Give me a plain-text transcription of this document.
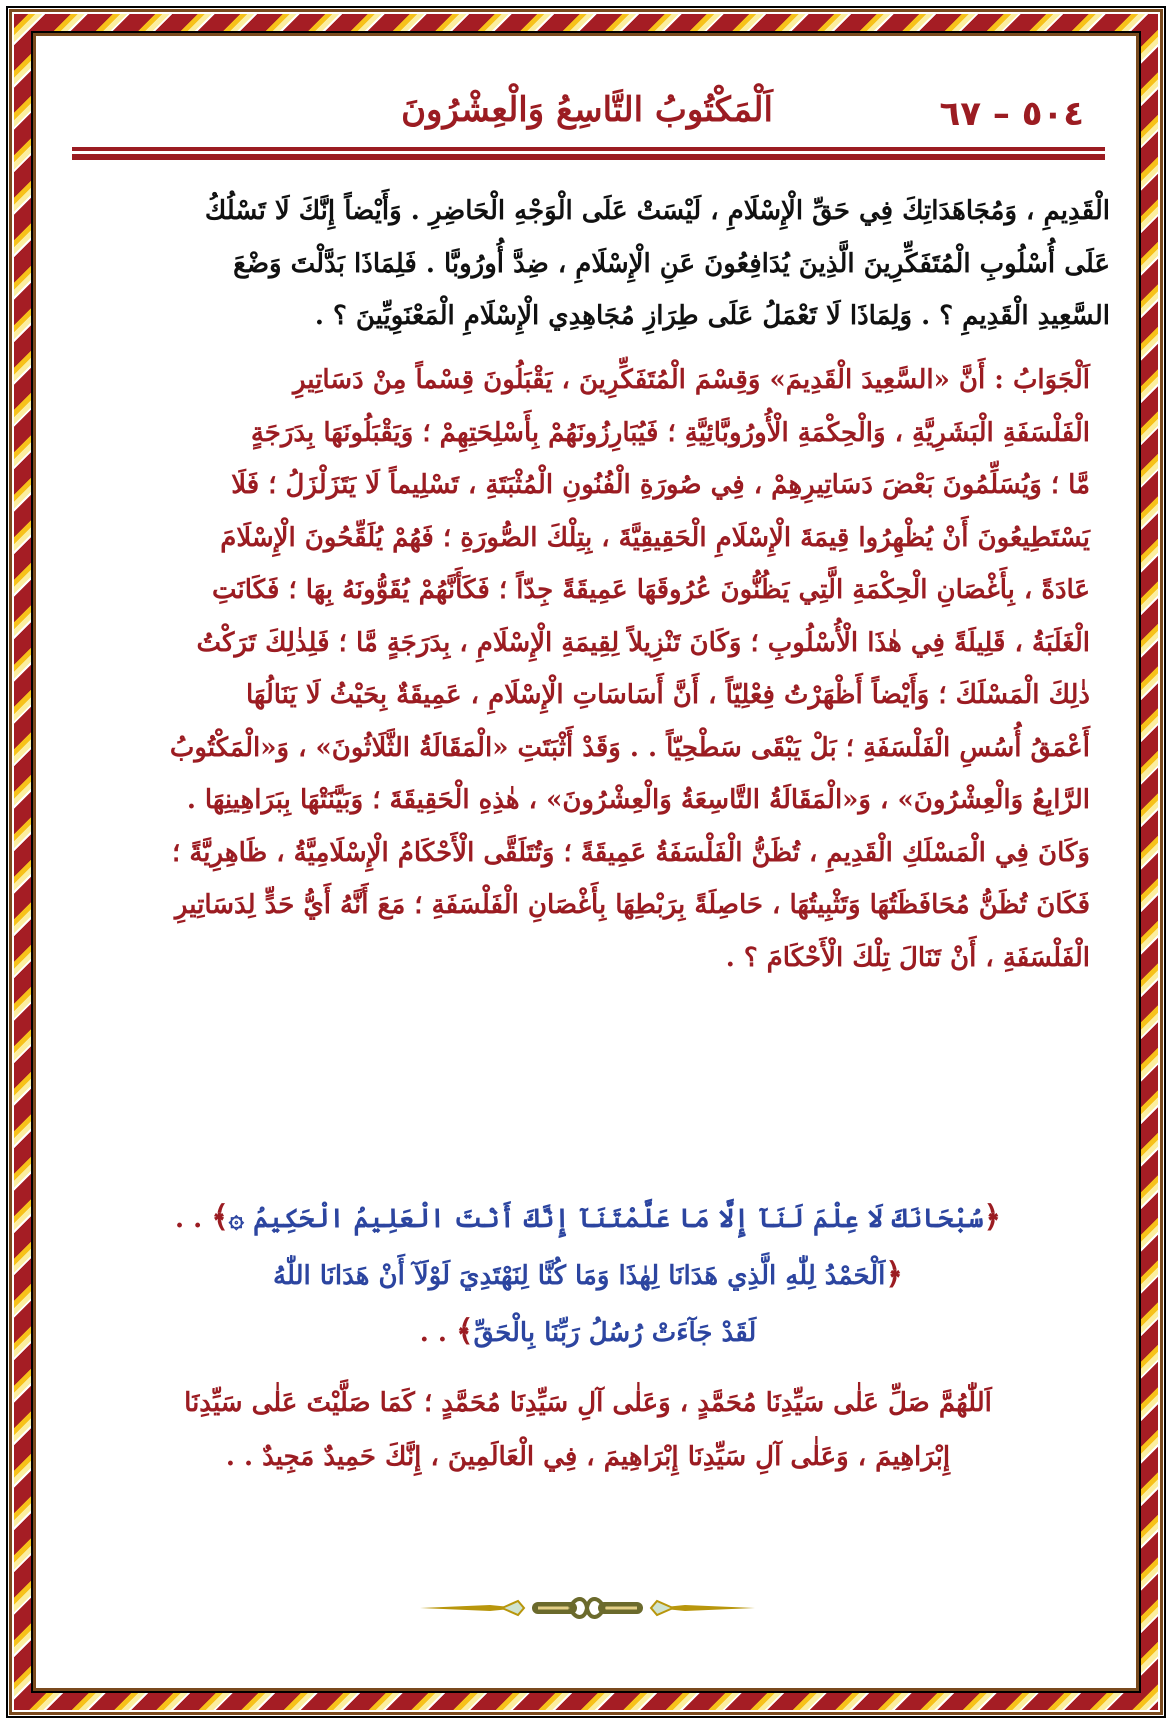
٥٠٤ – ٦٧
اَلْمَكْتُوبُ التَّاسِعُ وَالْعِشْرُونَ
الْقَدِيمِ ، وَمُجَاهَدَاتِكَ فِي حَقِّ الْإِسْلَامِ ، لَيْسَتْ عَلَى الْوَجْهِ الْحَاضِرِ . وَأَيْضاً إِنَّكَ لَا تَسْلُكُ
عَلَى أُسْلُوبِ الْمُتَفَكِّرِينَ الَّذِينَ يُدَافِعُونَ عَنِ الْإِسْلَامِ ، ضِدَّ أُورُوبَّا . فَلِمَاذَا بَدَّلْتَ وَضْعَ
السَّعِيدِ الْقَدِيمِ ؟ . وَلِمَاذَا لَا تَعْمَلُ عَلَى طِرَازِ مُجَاهِدِي الْإِسْلَامِ الْمَعْنَوِيِّينَ ؟ .
اَلْجَوَابُ : أَنَّ «السَّعِيدَ الْقَدِيمَ» وَقِسْمَ الْمُتَفَكِّرِينَ ، يَقْبَلُونَ قِسْماً مِنْ دَسَاتِيرِ
الْفَلْسَفَةِ الْبَشَرِيَّةِ ، وَالْحِكْمَةِ الْأُورُوبَّائِيَّةِ ؛ فَيُبَارِزُونَهُمْ بِأَسْلِحَتِهِمْ ؛ وَيَقْبَلُونَهَا بِدَرَجَةٍ
مَّا ؛ وَيُسَلِّمُونَ بَعْضَ دَسَاتِيرِهِمْ ، فِي صُورَةِ الْفُنُونِ الْمُثْبَتَةِ ، تَسْلِيماً لَا يَتَزَلْزَلُ ؛ فَلَا
يَسْتَطِيعُونَ أَنْ يُظْهِرُوا قِيمَةَ الْإِسْلَامِ الْحَقِيقِيَّةَ ، بِتِلْكَ الصُّورَةِ ؛ فَهُمْ يُلَقِّحُونَ الْإِسْلَامَ
عَادَةً ، بِأَغْصَانِ الْحِكْمَةِ الَّتِي يَظُنُّونَ عُرُوقَهَا عَمِيقَةً جِدّاً ؛ فَكَأَنَّهُمْ يُقَوُّونَهُ بِهَا ؛ فَكَانَتِ
الْغَلَبَةُ ، قَلِيلَةً فِي هٰذَا الْأُسْلُوبِ ؛ وَكَانَ تَنْزِيلاً لِقِيمَةِ الْإِسْلَامِ ، بِدَرَجَةٍ مَّا ؛ فَلِذٰلِكَ تَرَكْتُ
ذٰلِكَ الْمَسْلَكَ ؛ وَأَيْضاً أَظْهَرْتُ فِعْلِيّاً ، أَنَّ أَسَاسَاتِ الْإِسْلَامِ ، عَمِيقَةٌ بِحَيْثُ لَا يَنَالُهَا
أَعْمَقُ أُسُسِ الْفَلْسَفَةِ ؛ بَلْ يَبْقَى سَطْحِيّاً . . وَقَدْ أَثْبَتَتِ «الْمَقَالَةُ الثَّلَاثُونَ» ، وَ«الْمَكْتُوبُ
الرَّابِعُ وَالْعِشْرُونَ» ، وَ«الْمَقَالَةُ التَّاسِعَةُ وَالْعِشْرُونَ» ، هٰذِهِ الْحَقِيقَةَ ؛ وَبَيَّنَتْهَا بِبَرَاهِينِهَا .
وَكَانَ فِي الْمَسْلَكِ الْقَدِيمِ ، تُظَنُّ الْفَلْسَفَةُ عَمِيقَةً ؛ وَتُتَلَقَّى الْأَحْكَامُ الْإِسْلَامِيَّةُ ، ظَاهِرِيَّةً ؛
فَكَانَ تُظَنُّ مُحَافَظَتُهَا وَتَثْبِيتُهَا ، حَاصِلَةً بِرَبْطِهَا بِأَغْصَانِ الْفَلْسَفَةِ ؛ مَعَ أَنَّهُ أَيُّ حَدٍّ لِدَسَاتِيرِ
الْفَلْسَفَةِ ، أَنْ تَنَالَ تِلْكَ الْأَحْكَامَ ؟ .
﴿سُبْحَانَكَ لَا عِلْمَ لَنَآ إِلَّا مَا عَلَّمْتَنَآ إِنَّكَ أَنْتَ الْعَلِيمُ الْحَكِيمُ ۞﴾ . .
﴿اَلْحَمْدُ لِلّٰهِ الَّذِي هَدَانَا لِهٰذَا وَمَا كُنَّا لِنَهْتَدِيَ لَوْلَآ أَنْ هَدَانَا اللّٰهُ
لَقَدْ جَآءَتْ رُسُلُ رَبِّنَا بِالْحَقِّ﴾ . .
اَللّٰهُمَّ صَلِّ عَلٰى سَيِّدِنَا مُحَمَّدٍ ، وَعَلٰى آلِ سَيِّدِنَا مُحَمَّدٍ ؛ كَمَا صَلَّيْتَ عَلٰى سَيِّدِنَا
إِبْرَاهِيمَ ، وَعَلٰى آلِ سَيِّدِنَا إِبْرَاهِيمَ ، فِي الْعَالَمِينَ ، إِنَّكَ حَمِيدٌ مَجِيدٌ . .
